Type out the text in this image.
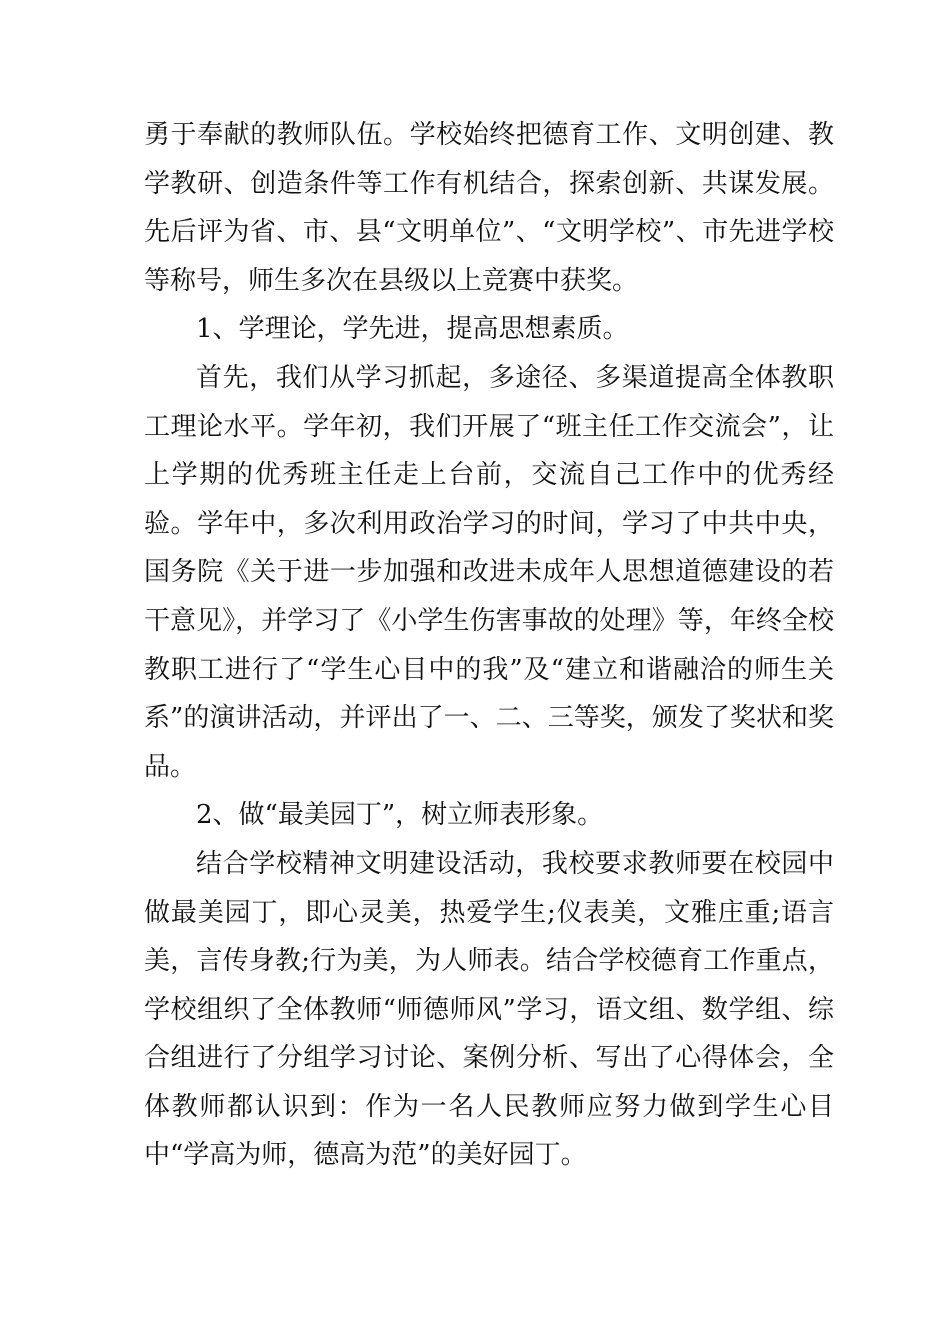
勇于奉献的教师队伍。学校始终把德育工作、文明创建、教学教研、创造条件等工作有机结合，探索创新、共谋发展。先后评为省、市、县“文明单位”、“文明学校”、市先进学校等称号，师生多次在县级以上竞赛中获奖。

1、学理论，学先进，提高思想素质。

首先，我们从学习抓起，多途径、多渠道提高全体教职工理论水平。学年初，我们开展了“班主任工作交流会”，让上学期的优秀班主任走上台前，交流自己工作中的优秀经验。学年中，多次利用政治学习的时间，学习了中共中央，国务院《关于进一步加强和改进未成年人思想道德建设的若干意见》，并学习了《小学生伤害事故的处理》等，年终全校教职工进行了“学生心目中的我”及“建立和谐融洽的师生关系”的演讲活动，并评出了一、二、三等奖，颁发了奖状和奖品。

2、做“最美园丁”，树立师表形象。

结合学校精神文明建设活动，我校要求教师要在校园中做最美园丁，即心灵美，热爱学生;仪表美，文雅庄重;语言美，言传身教;行为美，为人师表。结合学校德育工作重点，学校组织了全体教师“师德师风”学习，语文组、数学组、综合组进行了分组学习讨论、案例分析、写出了心得体会，全体教师都认识到：作为一名人民教师应努力做到学生心目中“学高为师，德高为范”的美好园丁。
